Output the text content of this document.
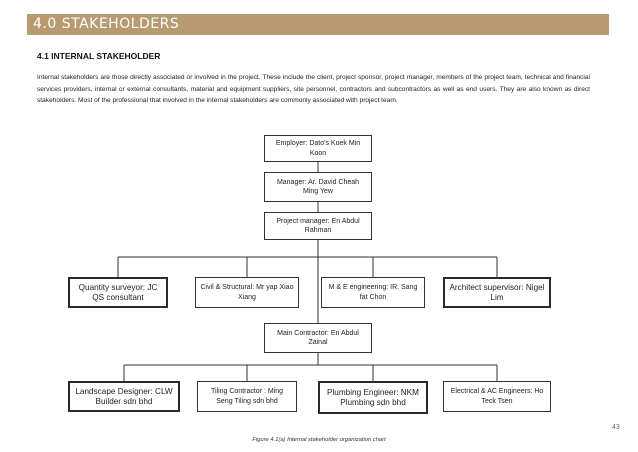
4.0 STAKEHOLDERS
4.1 INTERNAL STAKEHOLDER
Internal stakeholders are those directly associated or involved in the project. These include the client, project sponsor, project manager, members of the project team, technical and financial services providers, internal or external consultants, material and equipment suppliers, site personnel, contractors and subcontractors as well as end users. They are also known as direct stakeholders. Most of the professional that involved in the internal stakeholders are commonly associated with project team.
Employer: Dato's Koek Min Koon
Manager: Ar. David Cheah Ming Yew
Project manager: En Abdul Rahman
Quantity surveyor: JC QS consultant
Civil & Structural: Mr yap Xiao Xiang
M & E engineering: IR. Sang fat Chon
Architect supervisor: Nigel Lim
Main Contractor: En Abdul Zainal
Landscape Designer: CLW Builder sdn bhd
Tiling Contractor : Ming Seng Tiling sdn bhd
Plumbing Engineer: NKM Plumbing sdn bhd
Electrical & AC Engineers: Ho Teck Tsen
43
Figure 4.1(a) Internal stakeholder organization chart
